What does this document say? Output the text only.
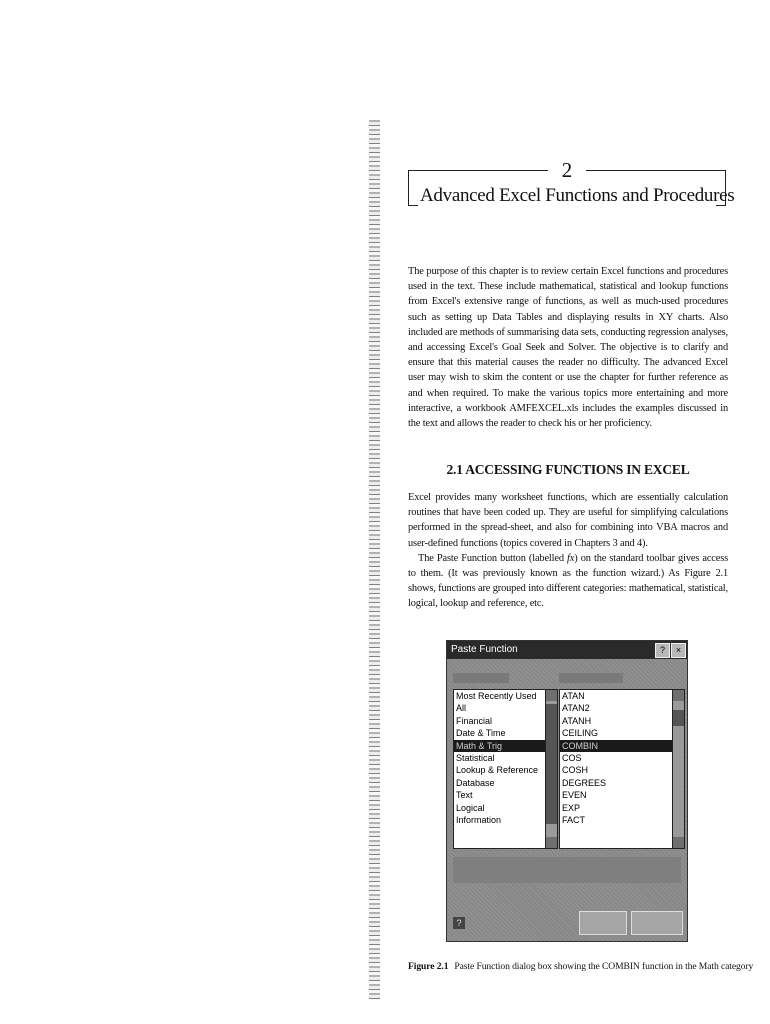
2
Advanced Excel Functions and Procedures

The purpose of this chapter is to review certain Excel functions and procedures used in the text. These include mathematical, statistical and lookup functions from Excel's extensive range of functions, as well as much-used procedures such as setting up Data Tables and displaying results in XY charts. Also included are methods of summarising data sets, conducting regression analyses, and accessing Excel's Goal Seek and Solver. The objective is to clarify and ensure that this material causes the reader no difficulty. The advanced Excel user may wish to skim the content or use the chapter for further reference as and when required. To make the various topics more entertaining and more interactive, a workbook AMFEXCEL.xls includes the examples discussed in the text and allows the reader to check his or her proficiency.

2.1 ACCESSING FUNCTIONS IN EXCEL

Excel provides many worksheet functions, which are essentially calculation routines that have been coded up. They are useful for simplifying calculations performed in the spread-sheet, and also for combining into VBA macros and user-defined functions (topics covered in Chapters 3 and 4).

The Paste Function button (labelled fx) on the standard toolbar gives access to them. (It was previously known as the function wizard.) As Figure 2.1 shows, functions are grouped into different categories: mathematical, statistical, logical, lookup and reference, etc.

Paste Function	?	×
Most Recently Used
All
Financial
Date & Time
Math & Trig
Statistical
Lookup & Reference
Database
Text
Logical
Information
ATAN
ATAN2
ATANH
CEILING
COMBIN
COS
COSH
DEGREES
EVEN
EXP
FACT
?
Figure 2.1 Paste Function dialog box showing the COMBIN function in the Math category
